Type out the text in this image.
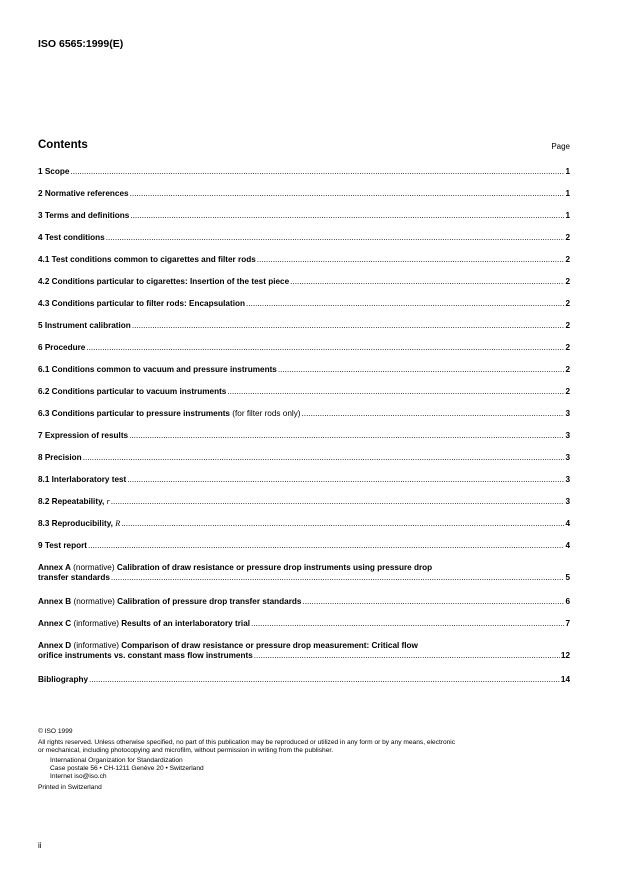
ISO 6565:1999(E)
Contents	Page
1 Scope .....	1
2 Normative references .....	1
3 Terms and definitions .....	1
4 Test conditions .....	2
4.1 Test conditions common to cigarettes and filter rods .....	2
4.2 Conditions particular to cigarettes: Insertion of the test piece .....	2
4.3 Conditions particular to filter rods: Encapsulation .....	2
5 Instrument calibration .....	2
6 Procedure .....	2
6.1 Conditions common to vacuum and pressure instruments .....	2
6.2 Conditions particular to vacuum instruments .....	2
6.3 Conditions particular to pressure instruments (for filter rods only) .....	3
7 Expression of results .....	3
8 Precision .....	3
8.1 Interlaboratory test .....	3
8.2 Repeatability, r .....	3
8.3 Reproducibility, R .....	4
9 Test report .....	4
Annex A (normative) Calibration of draw resistance or pressure drop instruments using pressure drop
transfer standards .....	5
Annex B (normative) Calibration of pressure drop transfer standards .....	6
Annex C (informative) Results of an interlaboratory trial .....	7
Annex D (informative) Comparison of draw resistance or pressure drop measurement: Critical flow
orifice instruments vs. constant mass flow instruments .....	12
Bibliography .....	14
© ISO 1999
All rights reserved. Unless otherwise specified, no part of this publication may be reproduced or utilized in any form or by any means, electronic
or mechanical, including photocopying and microfilm, without permission in writing from the publisher.
International Organization for Standardization
Case postale 56 • CH-1211 Genève 20 • Switzerland
Internet iso@iso.ch
Printed in Switzerland
ii
